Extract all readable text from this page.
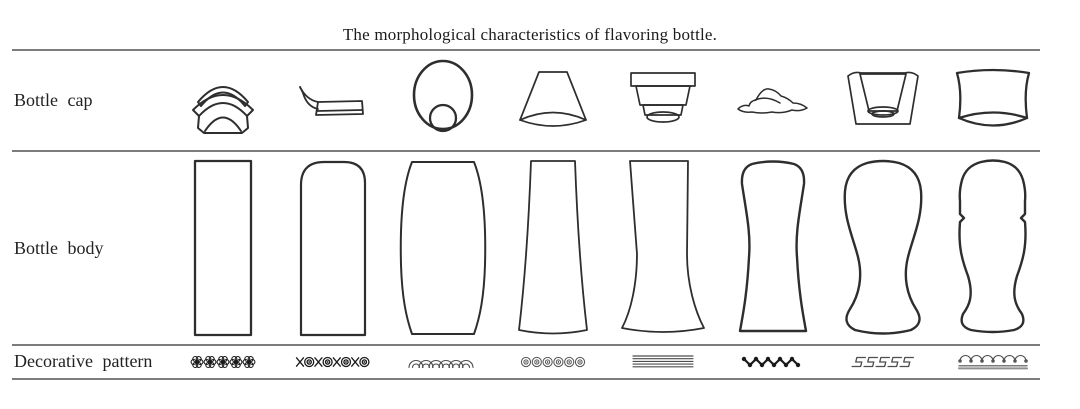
The morphological characteristics of flavoring bottle.
Bottle cap
Bottle body
Decorative pattern
